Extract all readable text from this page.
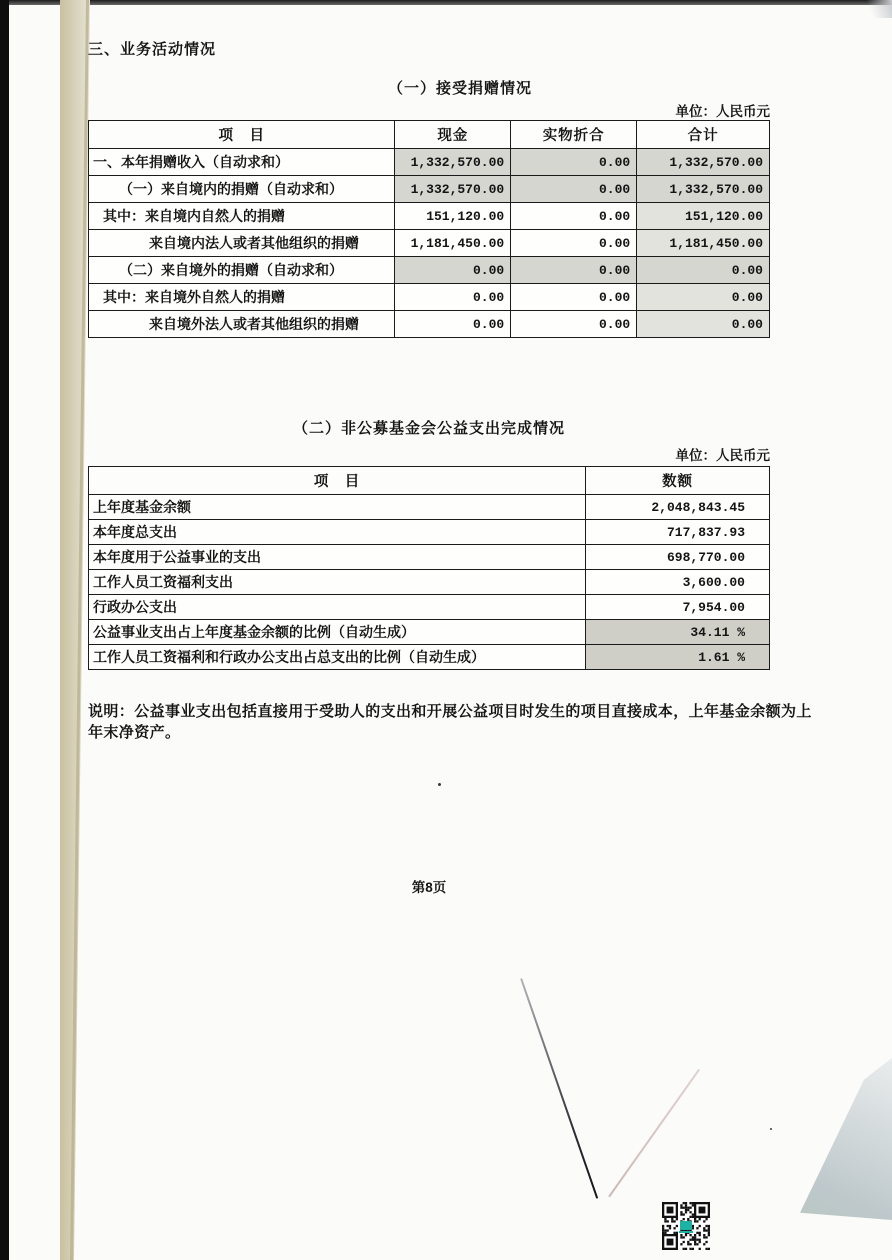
三、业务活动情况
（一）接受捐赠情况
单位：人民币元
项　目	现金	实物折合	合计
一、本年捐赠收入（自动求和）	1,332,570.00	0.00	1,332,570.00
（一）来自境内的捐赠（自动求和）	1,332,570.00	0.00	1,332,570.00
其中：来自境内自然人的捐赠	151,120.00	0.00	151,120.00
来自境内法人或者其他组织的捐赠	1,181,450.00	0.00	1,181,450.00
（二）来自境外的捐赠（自动求和）	0.00	0.00	0.00
其中：来自境外自然人的捐赠	0.00	0.00	0.00
来自境外法人或者其他组织的捐赠	0.00	0.00	0.00
（二）非公募基金会公益支出完成情况
单位：人民币元
项　目	数额
上年度基金余额	2,048,843.45
本年度总支出	717,837.93
本年度用于公益事业的支出	698,770.00
工作人员工资福利支出	3,600.00
行政办公支出	7,954.00
公益事业支出占上年度基金余额的比例（自动生成）	34.11 %
工作人员工资福利和行政办公支出占总支出的比例（自动生成）	1.61 %
说明：公益事业支出包括直接用于受助人的支出和开展公益项目时发生的项目直接成本，上年基金余额为上年末净资产。
第8页
